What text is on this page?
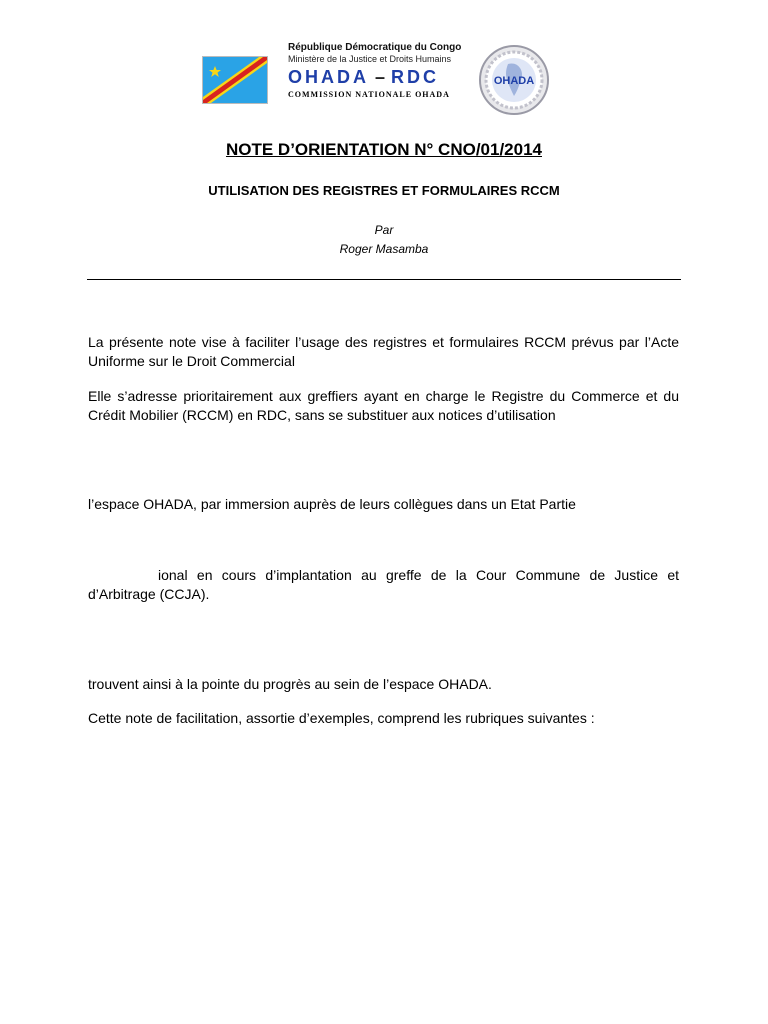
République Démocratique du Congo
Ministère de la Justice et Droits Humains
OHADA – RDC
COMMISSION NATIONALE OHADA
OHADA
NOTE D’ORIENTATION N° CNO/01/2014
UTILISATION DES REGISTRES ET FORMULAIRES RCCM
Par
Roger Masamba
La présente note vise à faciliter l’usage des registres et formulaires RCCM prévus par l’Acte Uniforme sur le Droit Commercial
Elle s’adresse prioritairement aux greffiers ayant en charge le Registre du Commerce et du Crédit Mobilier (RCCM) en RDC, sans se substituer aux notices d’utilisation
l’espace OHADA, par immersion auprès de leurs collègues dans un Etat Partie
ional en cours d’implantation au greffe de la Cour Commune de Justice et d’Arbitrage (CCJA).
trouvent ainsi à la pointe du progrès au sein de l’espace OHADA.
Cette note de facilitation, assortie d’exemples, comprend les rubriques suivantes :
